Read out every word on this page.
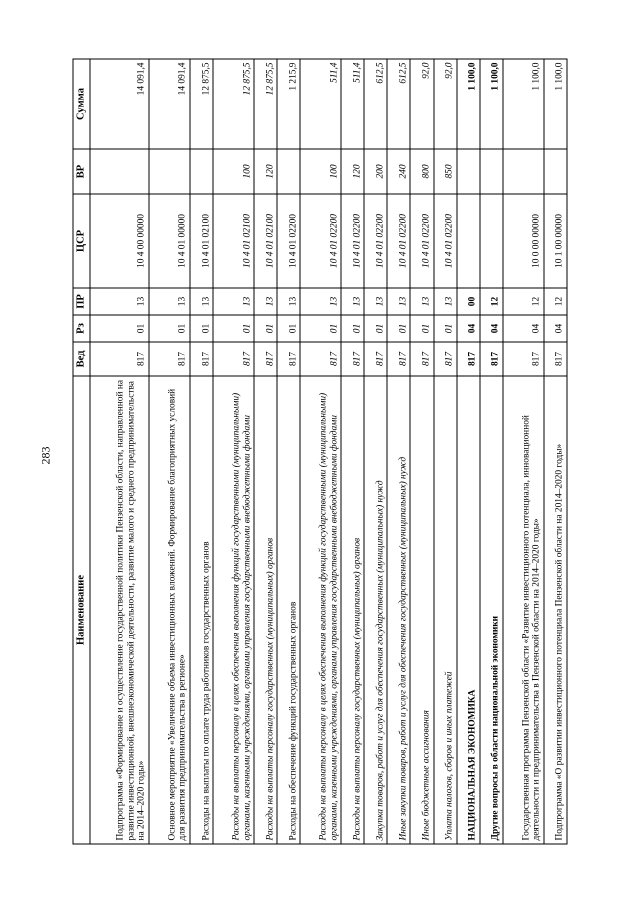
283
Наименование	Вед	Рз	ПР	ЦСР	ВР	Сумма
Подпрограмма «Формирование и осуществление государственной политики Пензенской области, направленной на развитие инвестиционной, внешнеэкономической деятельности, развитие малого и среднего предпринимательства на 2014–2020 годы»	817	01	13	10 4 00 00000		14 091,4
Основное мероприятие «Увеличение объема инвестиционных вложений. Формирование благоприятных условий для развития предпринимательства в регионе»	817	01	13	10 4 01 00000		14 091,4
Расходы на выплаты по оплате труда работников государственных органов	817	01	13	10 4 01 02100		12 875,5
Расходы на выплаты персоналу в целях обеспечения выполнения функций государственными (муниципальными) органами, казенными учреждениями, органами управления государственными внебюджетными фондами	817	01	13	10 4 01 02100	100	12 875,5
Расходы на выплаты персоналу государственных (муниципальных) органов	817	01	13	10 4 01 02100	120	12 875,5
Расходы на обеспечение функций государственных органов	817	01	13	10 4 01 02200		1 215,9
Расходы на выплаты персоналу в целях обеспечения выполнения функций государственными (муниципальными) органами, казенными учреждениями, органами управления государственными внебюджетными фондами	817	01	13	10 4 01 02200	100	511,4
Расходы на выплаты персоналу государственных (муниципальных) органов	817	01	13	10 4 01 02200	120	511,4
Закупка товаров, работ и услуг для обеспечения государственных (муниципальных) нужд	817	01	13	10 4 01 02200	200	612,5
Иные закупки товаров, работ и услуг для обеспечения государственных (муниципальных) нужд	817	01	13	10 4 01 02200	240	612,5
Иные бюджетные ассигнования	817	01	13	10 4 01 02200	800	92,0
Уплата налогов, сборов и иных платежей	817	01	13	10 4 01 02200	850	92,0
НАЦИОНАЛЬНАЯ ЭКОНОМИКА	817	04	00			1 100,0
Другие вопросы в области национальной экономики	817	04	12			1 100,0
Государственная программа Пензенской области «Развитие инвестиционного потенциала, инновационной деятельности и предпринимательства в Пензенской области на 2014–2020 годы»	817	04	12	10 0 00 00000		1 100,0
Подпрограмма «О развитии инвестиционного потенциала Пензенской области на 2014–2020 годы»	817	04	12	10 1 00 00000		1 100,0
